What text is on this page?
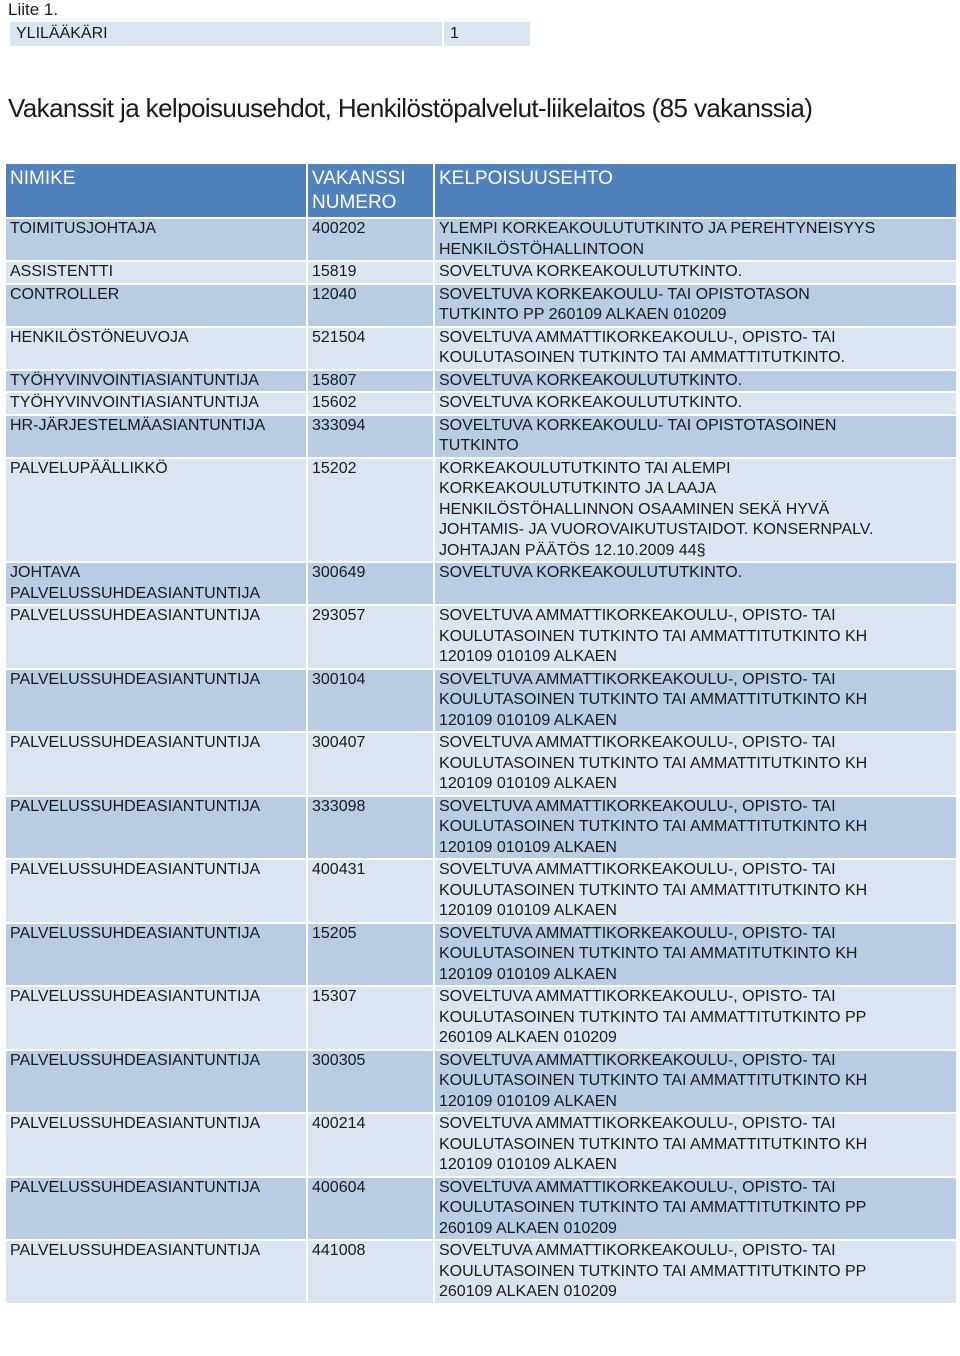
Liite 1.
YLILÄÄKÄRI	1
Vakanssit ja kelpoisuusehdot, Henkilöstöpalvelut-liikelaitos (85 vakanssia)
NIMIKE	VAKANSSI NUMERO	KELPOISUUSEHTO

TOIMITUSJOHTAJA	400202	YLEMPI KORKEAKOULUTUTKINTO JA PEREHTYNEISYYS
HENKILÖSTÖHALLINTOON

ASSISTENTTI	15819	SOVELTUVA KORKEAKOULUTUTKINTO.

CONTROLLER	12040	SOVELTUVA KORKEAKOULU- TAI OPISTOTASON
TUTKINTO PP 260109 ALKAEN 010209

HENKILÖSTÖNEUVOJA	521504	SOVELTUVA AMMATTIKORKEAKOULU-, OPISTO- TAI
KOULUTASOINEN TUTKINTO TAI AMMATTITUTKINTO.

TYÖHYVINVOINTIASIANTUNTIJA	15807	SOVELTUVA KORKEAKOULUTUTKINTO.

TYÖHYVINVOINTIASIANTUNTIJA	15602	SOVELTUVA KORKEAKOULUTUTKINTO.

HR-JÄRJESTELMÄASIANTUNTIJA	333094	SOVELTUVA KORKEAKOULU- TAI OPISTOTASOINEN
TUTKINTO

PALVELUPÄÄLLIKKÖ	15202	KORKEAKOULUTUTKINTO TAI ALEMPI
KORKEAKOULUTUTKINTO JA LAAJA
HENKILÖSTÖHALLINNON OSAAMINEN SEKÄ HYVÄ
JOHTAMIS- JA VUOROVAIKUTUSTAIDOT. KONSERNPALV.
JOHTAJAN PÄÄTÖS 12.10.2009 44§

JOHTAVA
PALVELUSSUHDEASIANTUNTIJA	300649	SOVELTUVA KORKEAKOULUTUTKINTO.

PALVELUSSUHDEASIANTUNTIJA	293057	SOVELTUVA AMMATTIKORKEAKOULU-, OPISTO- TAI
KOULUTASOINEN TUTKINTO TAI AMMATTITUTKINTO KH
120109 010109 ALKAEN

PALVELUSSUHDEASIANTUNTIJA	300104	SOVELTUVA AMMATTIKORKEAKOULU-, OPISTO- TAI
KOULUTASOINEN TUTKINTO TAI AMMATTITUTKINTO KH
120109 010109 ALKAEN

PALVELUSSUHDEASIANTUNTIJA	300407	SOVELTUVA AMMATTIKORKEAKOULU-, OPISTO- TAI
KOULUTASOINEN TUTKINTO TAI AMMATTITUTKINTO KH
120109 010109 ALKAEN

PALVELUSSUHDEASIANTUNTIJA	333098	SOVELTUVA AMMATTIKORKEAKOULU-, OPISTO- TAI
KOULUTASOINEN TUTKINTO TAI AMMATTITUTKINTO KH
120109 010109 ALKAEN

PALVELUSSUHDEASIANTUNTIJA	400431	SOVELTUVA AMMATTIKORKEAKOULU-, OPISTO- TAI
KOULUTASOINEN TUTKINTO TAI AMMATTITUTKINTO KH
120109 010109 ALKAEN

PALVELUSSUHDEASIANTUNTIJA	15205	SOVELTUVA AMMATTIKORKEAKOULU-, OPISTO- TAI
KOULUTASOINEN TUTKINTO TAI AMMATITUTKINTO KH
120109 010109 ALKAEN

PALVELUSSUHDEASIANTUNTIJA	15307	SOVELTUVA AMMATTIKORKEAKOULU-, OPISTO- TAI
KOULUTASOINEN TUTKINTO TAI AMMATTITUTKINTO PP
260109 ALKAEN 010209

PALVELUSSUHDEASIANTUNTIJA	300305	SOVELTUVA AMMATTIKORKEAKOULU-, OPISTO- TAI
KOULUTASOINEN TUTKINTO TAI AMMATTITUTKINTO KH
120109 010109 ALKAEN

PALVELUSSUHDEASIANTUNTIJA	400214	SOVELTUVA AMMATTIKORKEAKOULU-, OPISTO- TAI
KOULUTASOINEN TUTKINTO TAI AMMATTITUTKINTO KH
120109 010109 ALKAEN

PALVELUSSUHDEASIANTUNTIJA	400604	SOVELTUVA AMMATTIKORKEAKOULU-, OPISTO- TAI
KOULUTASOINEN TUTKINTO TAI AMMATTITUTKINTO PP
260109 ALKAEN 010209

PALVELUSSUHDEASIANTUNTIJA	441008	SOVELTUVA AMMATTIKORKEAKOULU-, OPISTO- TAI
KOULUTASOINEN TUTKINTO TAI AMMATTITUTKINTO PP
260109 ALKAEN 010209
